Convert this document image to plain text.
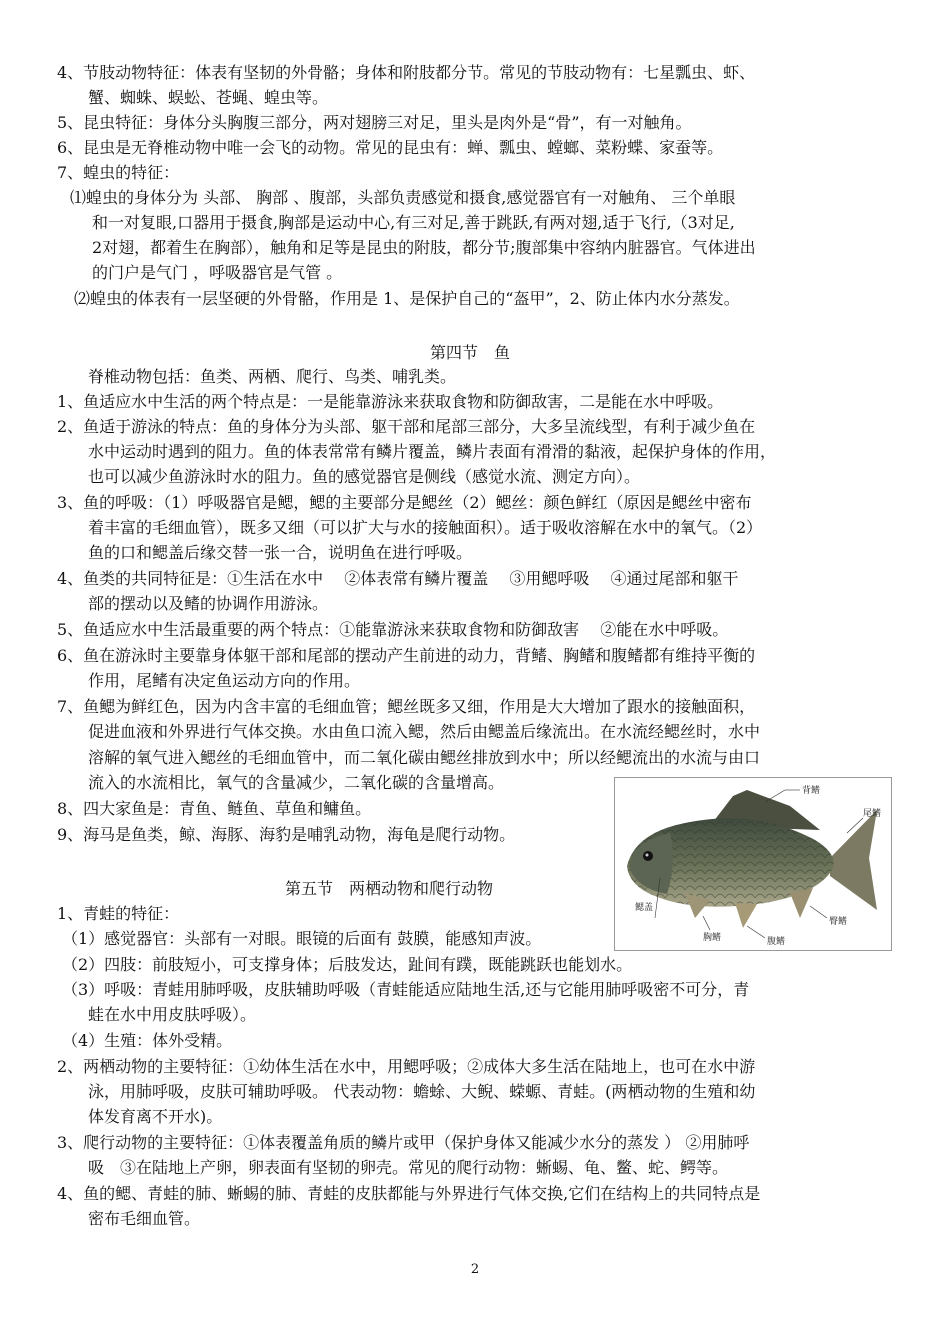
4、节肢动物特征：体表有坚韧的外骨骼；身体和附肢都分节。常见的节肢动物有：七星瓢虫、虾、
蟹、蜘蛛、蜈蚣、苍蝇、蝗虫等。
5、昆虫特征：身体分头胸腹三部分，两对翅膀三对足，里头是肉外是“骨”，有一对触角。
6、昆虫是无脊椎动物中唯一会飞的动物。常见的昆虫有：蝉、瓢虫、螳螂、菜粉蝶、家蚕等。
7、蝗虫的特征：
⑴蝗虫的身体分为 头部、 胸部 、腹部，头部负责感觉和摄食,感觉器官有一对触角、 三个单眼
和一对复眼,口器用于摄食,胸部是运动中心,有三对足,善于跳跃,有两对翅,适于飞行,（3对足,
2对翅，都着生在胸部），触角和足等是昆虫的附肢，都分节;腹部集中容纳内脏器官。气体进出
的门户是气门 ，呼吸器官是气管 。
⑵蝗虫的体表有一层坚硬的外骨骼，作用是 1、是保护自己的“盔甲”，2、防止体内水分蒸发。
第四节　鱼
脊椎动物包括：鱼类、两栖、爬行、鸟类、哺乳类。
1、鱼适应水中生活的两个特点是：一是能靠游泳来获取食物和防御敌害，二是能在水中呼吸。
2、鱼适于游泳的特点：鱼的身体分为头部、躯干部和尾部三部分，大多呈流线型，有利于减少鱼在
水中运动时遇到的阻力。鱼的体表常常有鳞片覆盖，鳞片表面有滑滑的黏液，起保护身体的作用，
也可以减少鱼游泳时水的阻力。鱼的感觉器官是侧线（感觉水流、测定方向）。
3、鱼的呼吸：（1）呼吸器官是鳃，鳃的主要部分是鳃丝（2）鳃丝：颜色鲜红（原因是鳃丝中密布
着丰富的毛细血管），既多又细（可以扩大与水的接触面积）。适于吸收溶解在水中的氧气。（2）
鱼的口和鳃盖后缘交替一张一合，说明鱼在进行呼吸。
4、鱼类的共同特征是：①生活在水中　 ②体表常有鳞片覆盖　 ③用鳃呼吸　 ④通过尾部和躯干
部的摆动以及鳍的协调作用游泳。
5、鱼适应水中生活最重要的两个特点：①能靠游泳来获取食物和防御敌害　 ②能在水中呼吸。
6、鱼在游泳时主要靠身体躯干部和尾部的摆动产生前进的动力，背鳍、胸鳍和腹鳍都有维持平衡的
作用，尾鳍有决定鱼运动方向的作用。
7、鱼鳃为鲜红色，因为内含丰富的毛细血管；鳃丝既多又细，作用是大大增加了跟水的接触面积，
促进血液和外界进行气体交换。水由鱼口流入鳃，然后由鳃盖后缘流出。在水流经鳃丝时，水中
溶解的氧气进入鳃丝的毛细血管中，而二氧化碳由鳃丝排放到水中；所以经鳃流出的水流与由口
流入的水流相比，氧气的含量减少，二氧化碳的含量增高。
8、四大家鱼是：青鱼、鲢鱼、草鱼和鳙鱼。
9、海马是鱼类，鲸、海豚、海豹是哺乳动物，海龟是爬行动物。
第五节　两栖动物和爬行动物
1、青蛙的特征：
（1）感觉器官：头部有一对眼。眼镜的后面有 鼓膜，能感知声波。
（2）四肢：前肢短小，可支撑身体；后肢发达，趾间有蹼，既能跳跃也能划水。
（3）呼吸：青蛙用肺呼吸，皮肤辅助呼吸（青蛙能适应陆地生活,还与它能用肺呼吸密不可分，青
蛙在水中用皮肤呼吸）。
（4）生殖：体外受精。
2、两栖动物的主要特征：①幼体生活在水中，用鳃呼吸；②成体大多生活在陆地上，也可在水中游
泳，用肺呼吸，皮肤可辅助呼吸。 代表动物：蟾蜍、大鲵、蝾螈、青蛙。(两栖动物的生殖和幼
体发育离不开水)。
3、爬行动物的主要特征：①体表覆盖角质的鳞片或甲（保护身体又能减少水分的蒸发 ） ②用肺呼
吸　③在陆地上产卵，卵表面有坚韧的卵壳。常见的爬行动物：蜥蜴、龟、鳖、蛇、鳄等。
4、鱼的鳃、青蛙的肺、蜥蜴的肺、青蛙的皮肤都能与外界进行气体交换,它们在结构上的共同特点是
密布毛细血管。
背鳍
尾鳍
鳃盖
胸鳍	腹鳍
臀鳍
2
